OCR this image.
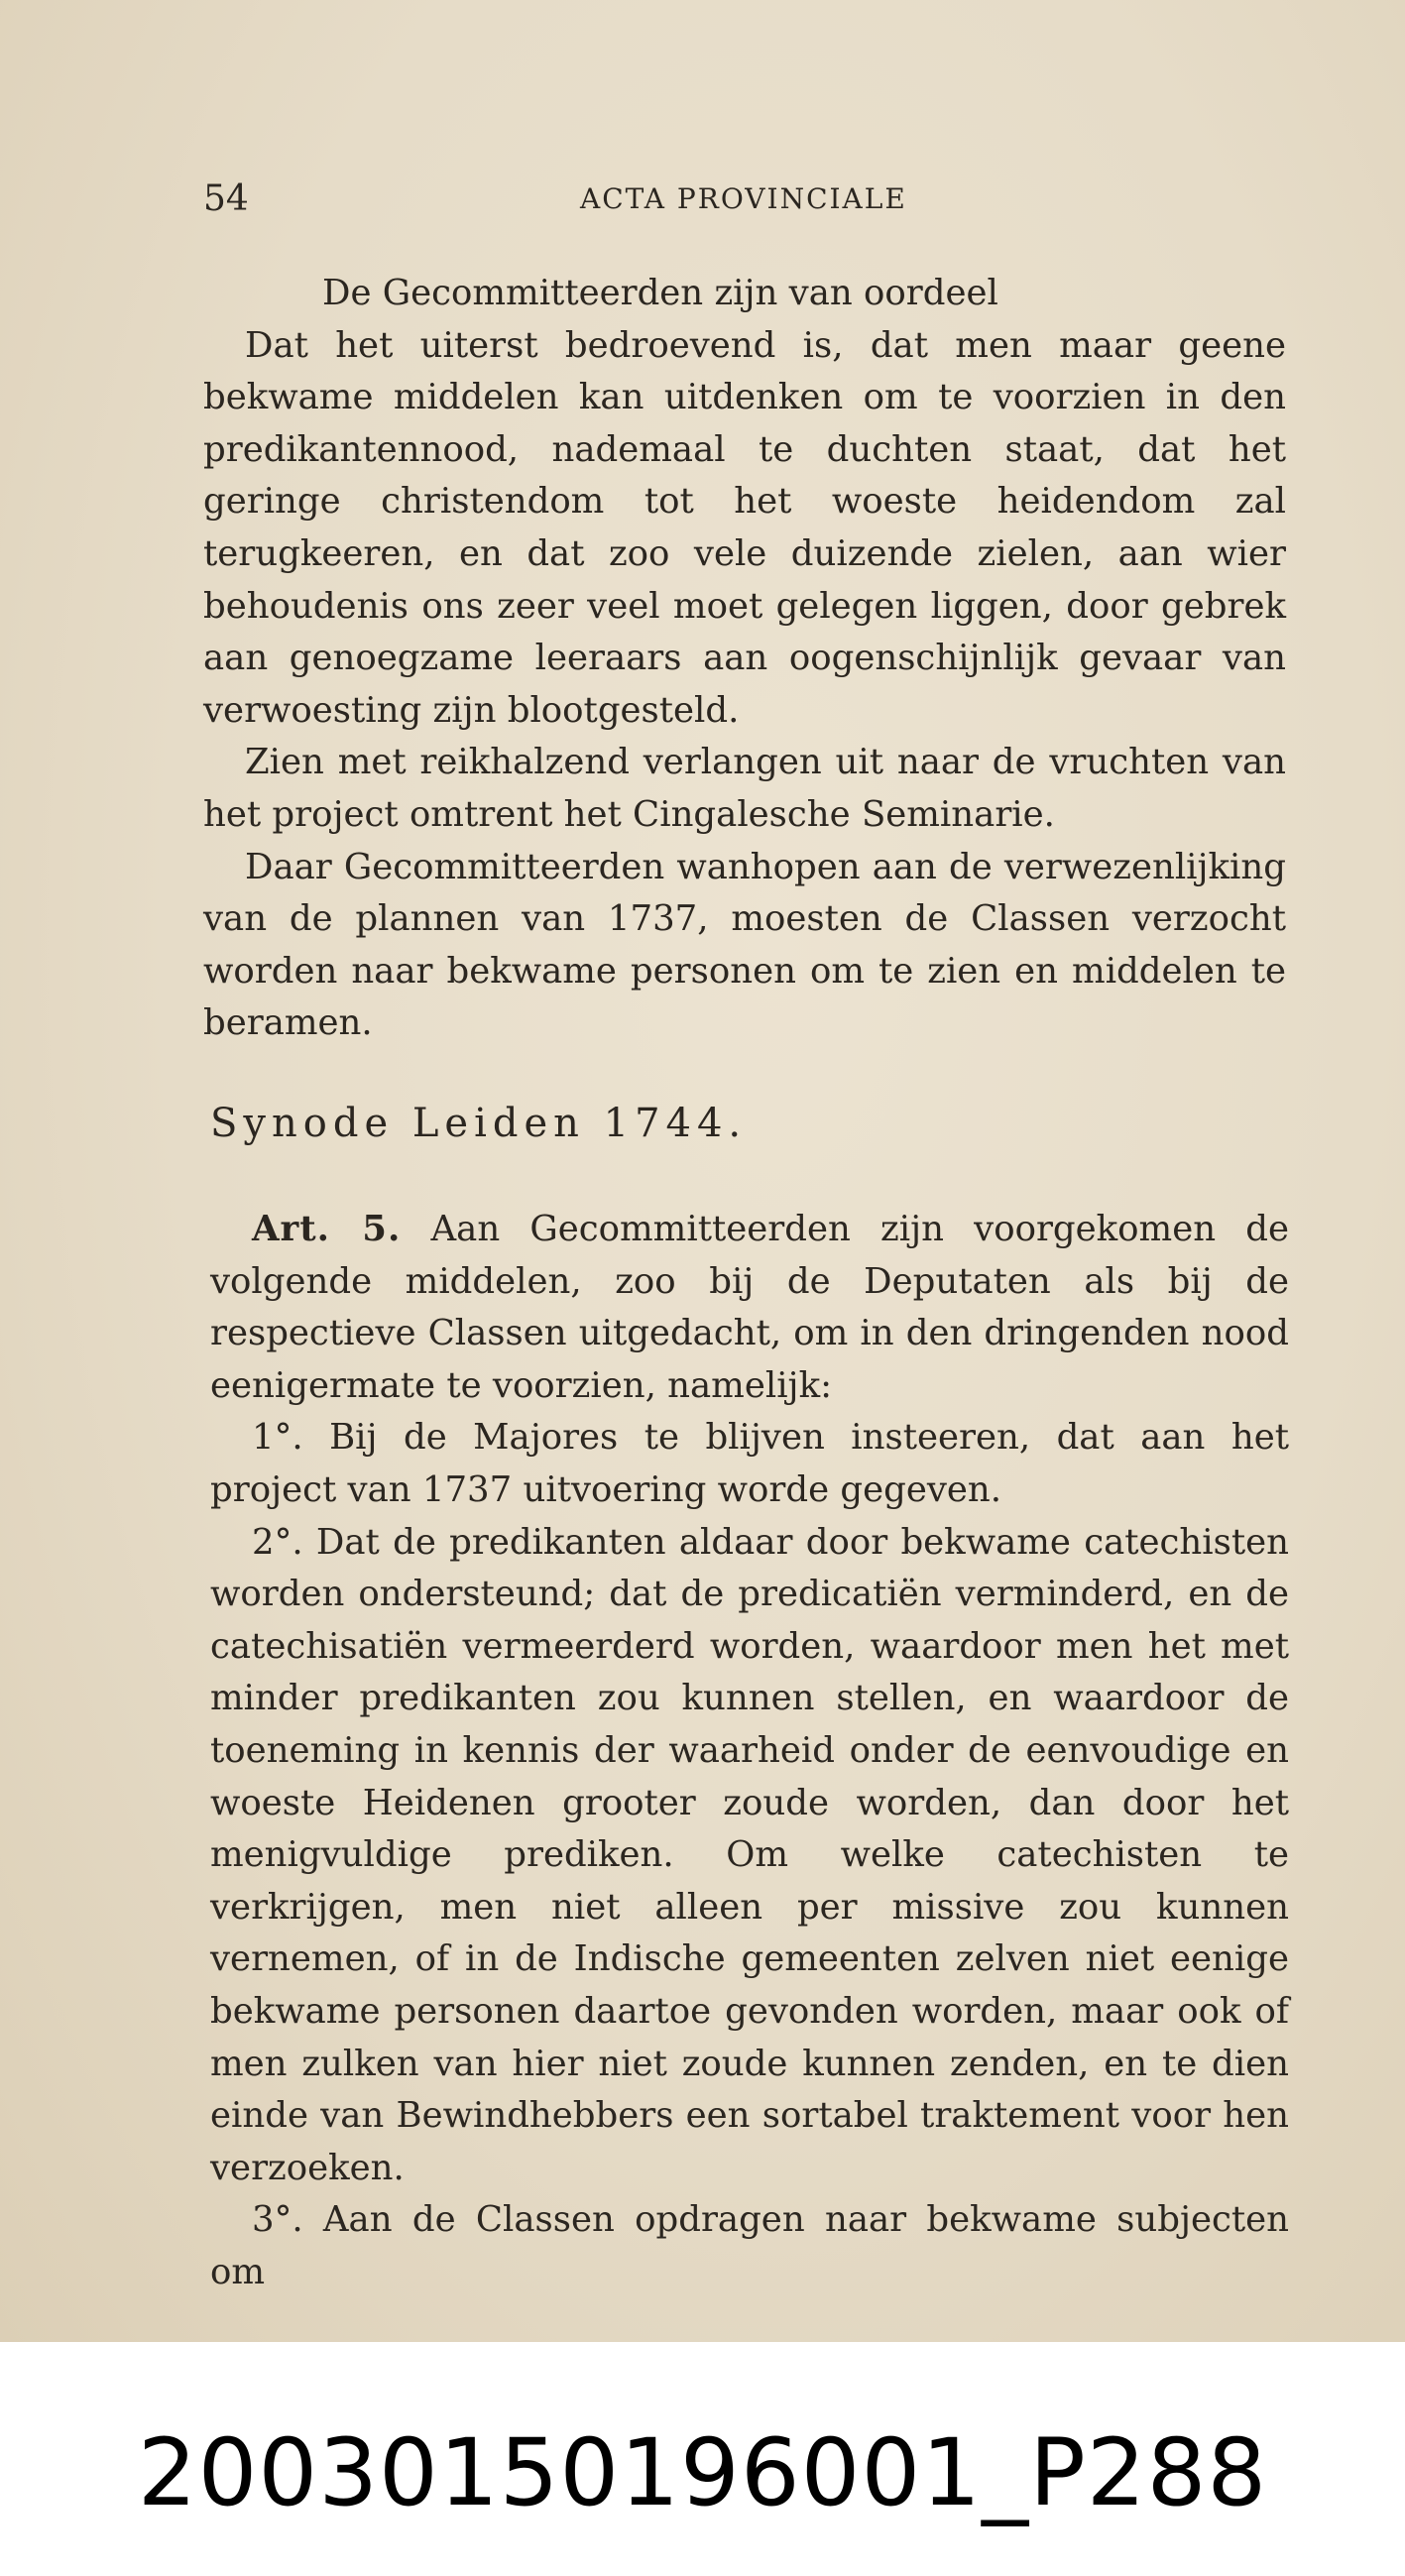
54	ACTA PROVINCIALE

De Gecommitteerden zijn van oordeel

Dat het uiterst bedroevend is, dat men maar geene bekwame middelen kan uitdenken om te voorzien in den predikantennood, nademaal te duchten staat, dat het geringe christendom tot het woeste heidendom zal terugkeeren, en dat zoo vele duizende zielen, aan wier behoudenis ons zeer veel moet gelegen liggen, door gebrek aan genoegzame leeraars aan oogenschijnlijk gevaar van verwoesting zijn blootgesteld.

Zien met reikhalzend verlangen uit naar de vruchten van het project omtrent het Cingalesche Seminarie.

Daar Gecommitteerden wanhopen aan de verwezenlijking van de plannen van 1737, moesten de Classen verzocht worden naar bekwame personen om te zien en middelen te beramen.

Synode Leiden 1744.

Art. 5. Aan Gecommitteerden zijn voorgekomen de volgende middelen, zoo bij de Deputaten als bij de respectieve Classen uitgedacht, om in den dringenden nood eenigermate te voorzien, namelijk:

1°. Bij de Majores te blijven insteeren, dat aan het project van 1737 uitvoering worde gegeven.

2°. Dat de predikanten aldaar door bekwame catechisten worden ondersteund; dat de predicatiën verminderd, en de catechisatiën vermeerderd worden, waardoor men het met minder predikanten zou kunnen stellen, en waardoor de toeneming in kennis der waarheid onder de eenvoudige en woeste Heidenen grooter zoude worden, dan door het menigvuldige prediken. Om welke catechisten te verkrijgen, men niet alleen per missive zou kunnen vernemen, of in de Indische gemeenten zelven niet eenige bekwame personen daartoe gevonden worden, maar ook of men zulken van hier niet zoude kunnen zenden, en te dien einde van Bewindhebbers een sortabel traktement voor hen verzoeken.

3°. Aan de Classen opdragen naar bekwame subjecten om

20030150196001_P288
